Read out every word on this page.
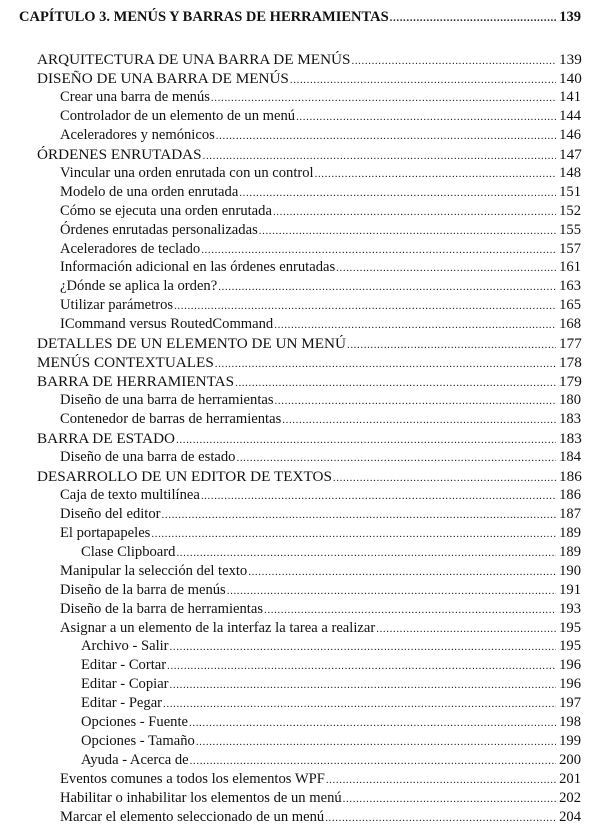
CAPÍTULO 3. MENÚS Y BARRAS DE HERRAMIENTAS .....	139
ARQUITECTURA DE UNA BARRA DE MENÚS .....	139
DISEÑO DE UNA BARRA DE MENÚS .....	140
Crear una barra de menús .....	141
Controlador de un elemento de un menú .....	144
Aceleradores y nemónicos .....	146
ÓRDENES ENRUTADAS .....	147
Vincular una orden enrutada con un control .....	148
Modelo de una orden enrutada .....	151
Cómo se ejecuta una orden enrutada .....	152
Órdenes enrutadas personalizadas .....	155
Aceleradores de teclado .....	157
Información adicional en las órdenes enrutadas .....	161
¿Dónde se aplica la orden? .....	163
Utilizar parámetros .....	165
ICommand versus RoutedCommand .....	168
DETALLES DE UN ELEMENTO DE UN MENÚ .....	177
MENÚS CONTEXTUALES .....	178
BARRA DE HERRAMIENTAS .....	179
Diseño de una barra de herramientas .....	180
Contenedor de barras de herramientas .....	183
BARRA DE ESTADO .....	183
Diseño de una barra de estado .....	184
DESARROLLO DE UN EDITOR DE TEXTOS .....	186
Caja de texto multilínea .....	186
Diseño del editor .....	187
El portapapeles .....	189
Clase Clipboard .....	189
Manipular la selección del texto .....	190
Diseño de la barra de menús .....	191
Diseño de la barra de herramientas .....	193
Asignar a un elemento de la interfaz la tarea a realizar .....	195
Archivo - Salir .....	195
Editar - Cortar .....	196
Editar - Copiar .....	196
Editar - Pegar .....	197
Opciones - Fuente .....	198
Opciones - Tamaño .....	199
Ayuda - Acerca de .....	200
Eventos comunes a todos los elementos WPF .....	201
Habilitar o inhabilitar los elementos de un menú .....	202
Marcar el elemento seleccionado de un menú .....	204
